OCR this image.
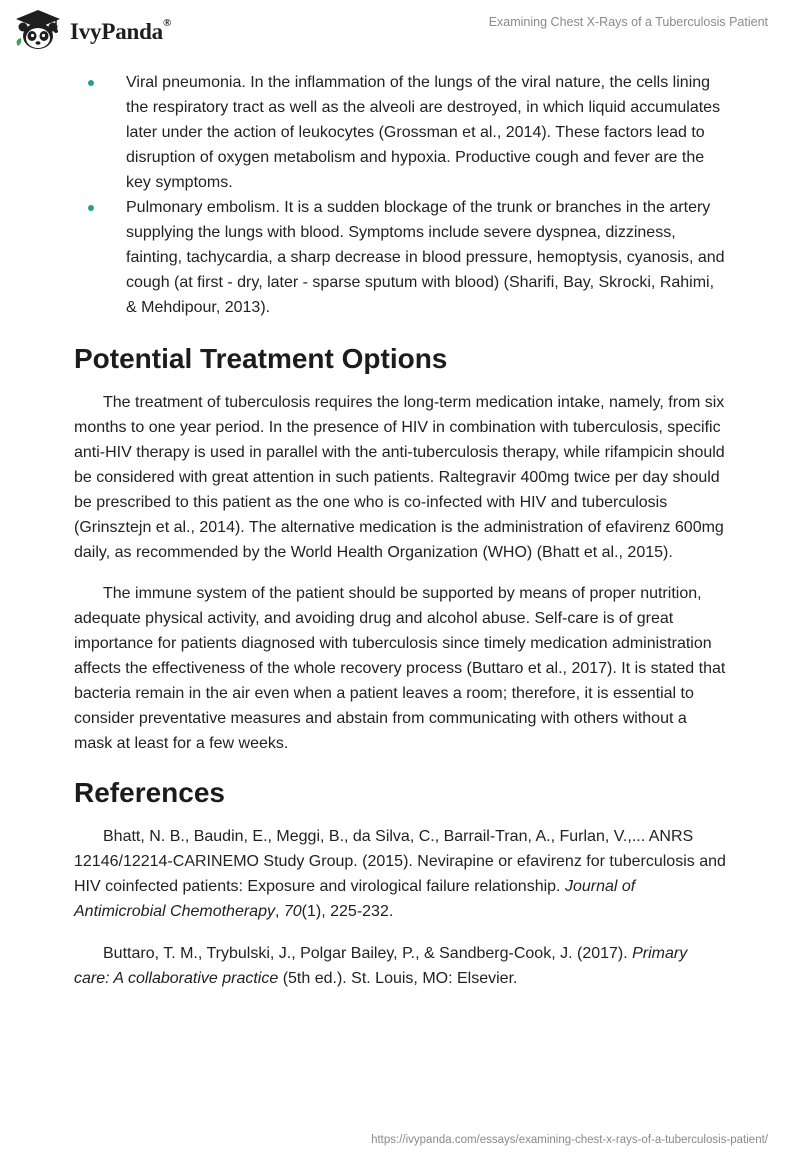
IvyPanda®	Examining Chest X-Rays of a Tuberculosis Patient
Viral pneumonia. In the inflammation of the lungs of the viral nature, the cells lining the respiratory tract as well as the alveoli are destroyed, in which liquid accumulates later under the action of leukocytes (Grossman et al., 2014). These factors lead to disruption of oxygen metabolism and hypoxia. Productive cough and fever are the key symptoms.
Pulmonary embolism. It is a sudden blockage of the trunk or branches in the artery supplying the lungs with blood. Symptoms include severe dyspnea, dizziness, fainting, tachycardia, a sharp decrease in blood pressure, hemoptysis, cyanosis, and cough (at first - dry, later - sparse sputum with blood) (Sharifi, Bay, Skrocki, Rahimi, & Mehdipour, 2013).
Potential Treatment Options

The treatment of tuberculosis requires the long-term medication intake, namely, from six months to one year period. In the presence of HIV in combination with tuberculosis, specific anti-HIV therapy is used in parallel with the anti-tuberculosis therapy, while rifampicin should be considered with great attention in such patients. Raltegravir 400mg twice per day should be prescribed to this patient as the one who is co-infected with HIV and tuberculosis (Grinsztejn et al., 2014). The alternative medication is the administration of efavirenz 600mg daily, as recommended by the World Health Organization (WHO) (Bhatt et al., 2015).

The immune system of the patient should be supported by means of proper nutrition, adequate physical activity, and avoiding drug and alcohol abuse. Self-care is of great importance for patients diagnosed with tuberculosis since timely medication administration affects the effectiveness of the whole recovery process (Buttaro et al., 2017). It is stated that bacteria remain in the air even when a patient leaves a room; therefore, it is essential to consider preventative measures and abstain from communicating with others without a mask at least for a few weeks.

References

Bhatt, N. B., Baudin, E., Meggi, B., da Silva, C., Barrail-Tran, A., Furlan, V.,... ANRS 12146/12214-CARINEMO Study Group. (2015). Nevirapine or efavirenz for tuberculosis and HIV coinfected patients: Exposure and virological failure relationship. Journal of Antimicrobial Chemotherapy, 70(1), 225-232.

Buttaro, T. M., Trybulski, J., Polgar Bailey, P., & Sandberg-Cook, J. (2017). Primary care: A collaborative practice (5th ed.). St. Louis, MO: Elsevier.

https://ivypanda.com/essays/examining-chest-x-rays-of-a-tuberculosis-patient/
